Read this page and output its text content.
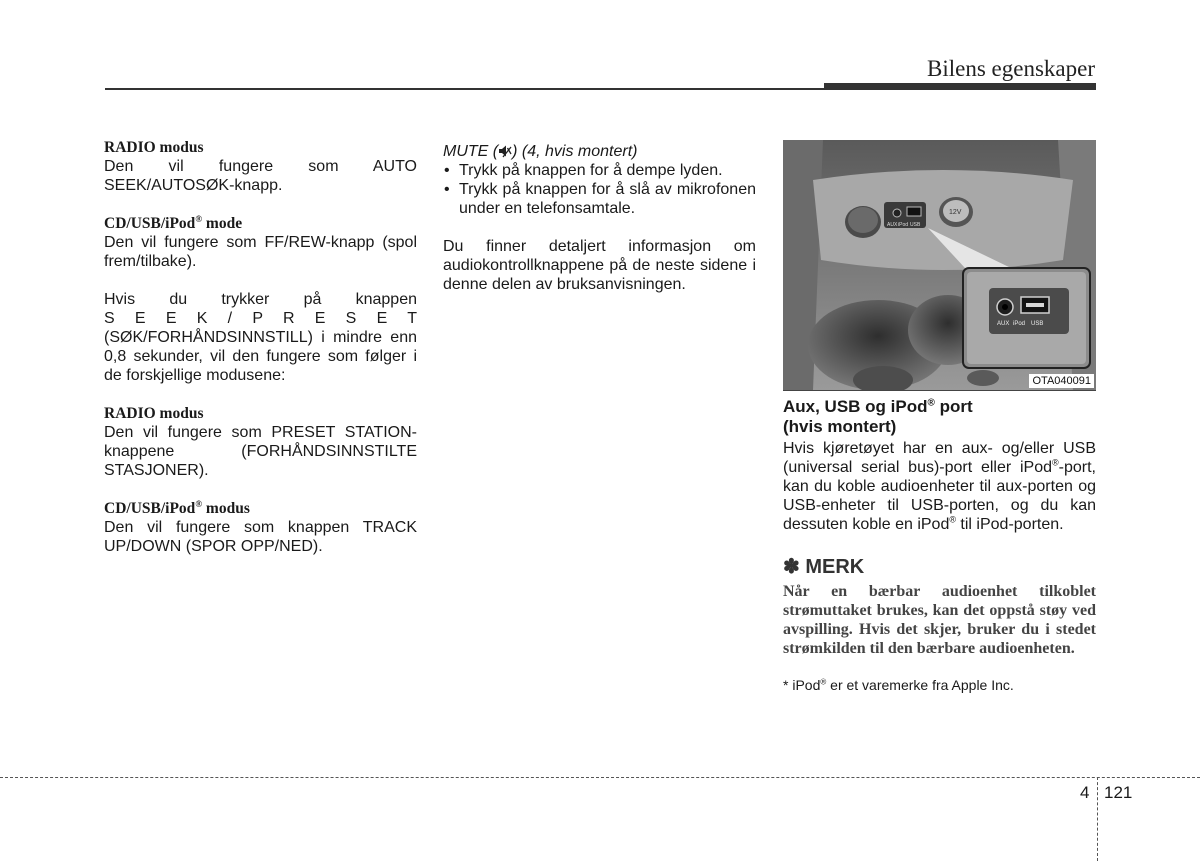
Bilens egenskaper

RADIO modus

Den vil fungere som AUTO SEEK/AUTOSØK-knapp.

CD/USB/iPod® mode

Den vil fungere som FF/REW-knapp (spol frem/tilbake).

Hvis du trykker på knappen

S E E K / P R E S E T

(SØK/FORHÅNDSINNSTILL) i mindre enn 0,8 sekunder, vil den fungere som følger i de forskjellige modusene:

RADIO modus

Den vil fungere som PRESET STATION-knappene (FORHÅNDSINNSTILTE STASJONER).

CD/USB/iPod® modus

Den vil fungere som knappen TRACK UP/DOWN (SPOR OPP/NED).

MUTE ( ) (4, hvis montert)

• Trykk på knappen for å dempe lyden.
• Trykk på knappen for å slå av mikrofonen under en telefonsamtale.

Du finner detaljert informasjon om audiokontrollknappene på de neste sidene i denne delen av bruksanvisningen.

AUX iPod USB
12V
AUX iPod USB
OTA040091

Aux, USB og iPod® port
(hvis montert)

Hvis kjøretøyet har en aux- og/eller USB (universal serial bus)-port eller iPod®-port, kan du koble audioenheter til aux-porten og USB-enheter til USB-porten, og du kan dessuten koble en iPod® til iPod-porten.

✽ MERK

Når en bærbar audioenhet tilkoblet strømuttaket brukes, kan det oppstå støy ved avspilling. Hvis det skjer, bruker du i stedet strømkilden til den bærbare audioenheten.

* iPod® er et varemerke fra Apple Inc.

4 121
